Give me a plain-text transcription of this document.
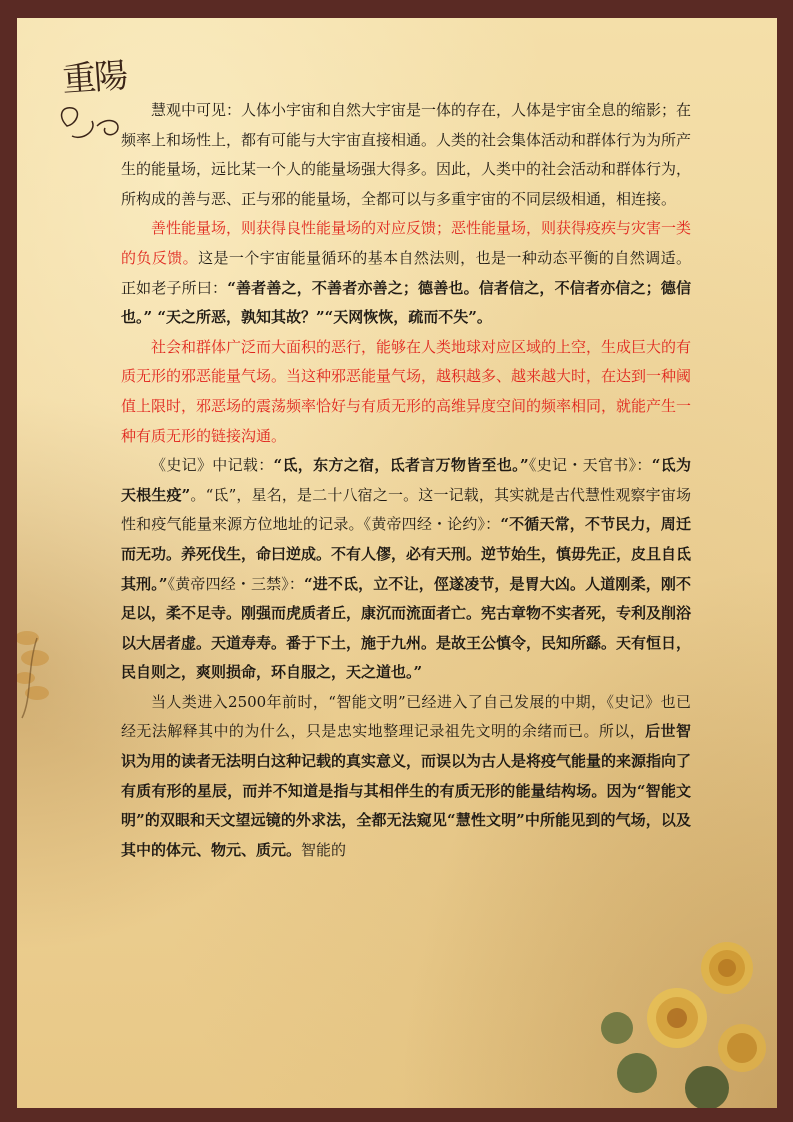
重陽

慧观中可见：人体小宇宙和自然大宇宙是一体的存在，人体是宇宙全息的缩影；在频率上和场性上，都有可能与大宇宙直接相通。人类的社会集体活动和群体行为为所产生的能量场，远比某一个人的能量场强大得多。因此，人类中的社会活动和群体行为，所构成的善与恶、正与邪的能量场，全都可以与多重宇宙的不同层级相通，相连接。

善性能量场，则获得良性能量场的对应反馈；恶性能量场，则获得疫疾与灾害一类的负反馈。这是一个宇宙能量循环的基本自然法则，也是一种动态平衡的自然调适。正如老子所曰：“善者善之，不善者亦善之；德善也。信者信之，不信者亦信之；德信也。” “天之所恶，孰知其故？”“天网恢恢，疏而不失”。

社会和群体广泛而大面积的恶行，能够在人类地球对应区域的上空，生成巨大的有质无形的邪恶能量气场。当这种邪恶能量气场，越积越多、越来越大时，在达到一种阈值上限时，邪恶场的震荡频率恰好与有质无形的高维异度空间的频率相同，就能产生一种有质无形的链接沟通。

《史记》中记载：“氐，东方之宿，氐者言万物皆至也。”《史记・天官书》：“氐为天根生疫”。“氐”，星名，是二十八宿之一。这一记载，其实就是古代慧性观察宇宙场性和疫气能量来源方位地址的记录。《黄帝四经・论约》：“不循天常，不节民力，周迁而无功。养死伐生，命曰逆成。不有人僇，必有天刑。逆节始生，慎毋先正，皮且自氐其刑。”《黄帝四经・三禁》：“进不氐，立不让，俓遂凌节，是胃大凶。人道刚柔，刚不足以，柔不足寺。刚强而虎质者丘，康沉而流面者亡。宪古章物不实者死，专利及削浴以大居者虚。天道寿寿。番于下土，施于九州。是故王公慎令，民知所繇。天有恒日，民自则之，爽则损命，环自服之，天之道也。”

当人类进入2500年前时，“智能文明”已经进入了自己发展的中期，《史记》也已经无法解释其中的为什么，只是忠实地整理记录祖先文明的余绪而已。所以，后世智识为用的读者无法明白这种记载的真实意义，而误以为古人是将疫气能量的来源指向了有质有形的星辰，而并不知道是指与其相伴生的有质无形的能量结构场。因为“智能文明”的双眼和天文望远镜的外求法，全都无法窥见“慧性文明”中所能见到的气场，以及其中的体元、物元、质元。智能的
